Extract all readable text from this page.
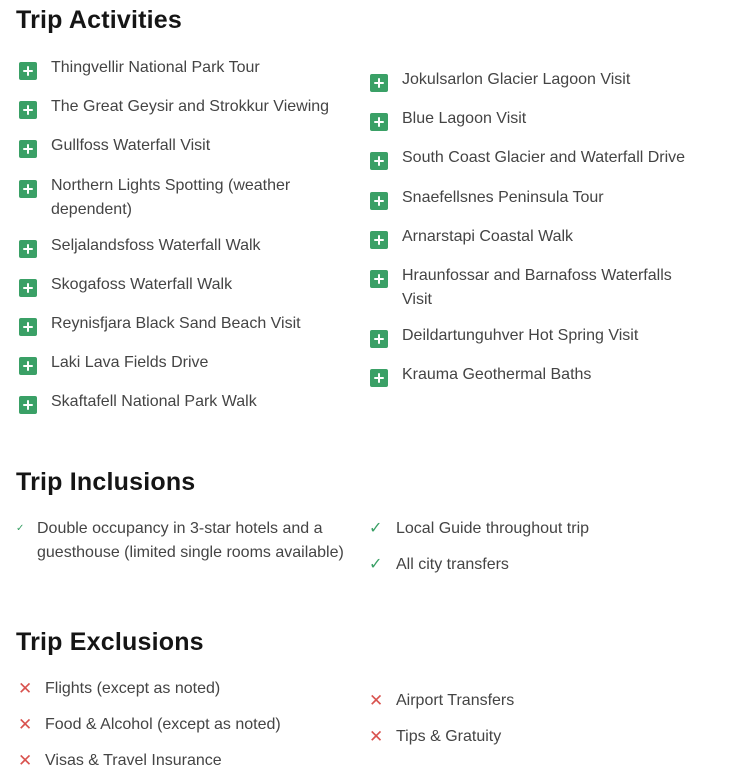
Trip Activities
Thingvellir National Park Tour
The Great Geysir and Strokkur Viewing
Gullfoss Waterfall Visit
Northern Lights Spotting (weather dependent)
Seljalandsfoss Waterfall Walk
Skogafoss Waterfall Walk
Reynisfjara Black Sand Beach Visit
Laki Lava Fields Drive
Skaftafell National Park Walk
Jokulsarlon Glacier Lagoon Visit
Blue Lagoon Visit
South Coast Glacier and Waterfall Drive
Snaefellsnes Peninsula Tour
Arnarstapi Coastal Walk
Hraunfossar and Barnafoss Waterfalls Visit
Deildartunguhver Hot Spring Visit
Krauma Geothermal Baths
Trip Inclusions
✓ Double occupancy in 3-star hotels and a guesthouse (limited single rooms available)
✓ Local Guide throughout trip
✓ All city transfers
Trip Exclusions
✕ Flights (except as noted)
✕ Food & Alcohol (except as noted)
✕ Visas & Travel Insurance
✕ Airport Transfers
✕ Tips & Gratuity
